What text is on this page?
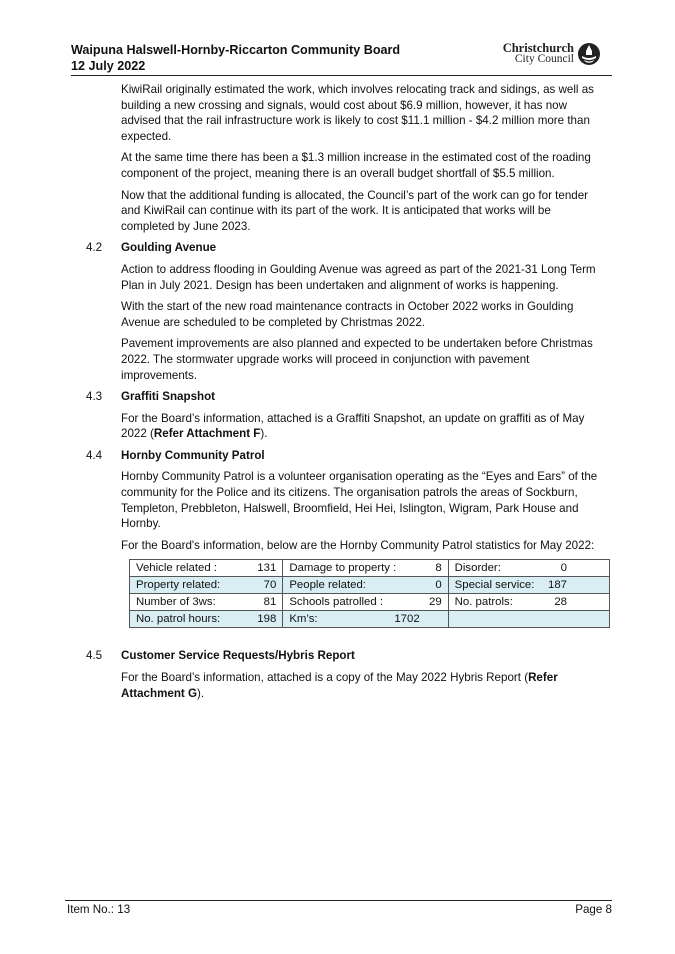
Waipuna Halswell-Hornby-Riccarton Community Board
12 July 2022
Christchurch
City Council

KiwiRail originally estimated the work, which involves relocating track and sidings, as well as building a new crossing and signals, would cost about $6.9 million, however, it has now advised that the rail infrastructure work is likely to cost $11.1 million - $4.2 million more than expected.

At the same time there has been a $1.3 million increase in the estimated cost of the roading component of the project, meaning there is an overall budget shortfall of $5.5 million.

Now that the additional funding is allocated, the Council’s part of the work can go for tender and KiwiRail can continue with its part of the work. It is anticipated that works will be completed by June 2023.

4.2	Goulding Avenue

Action to address flooding in Goulding Avenue was agreed as part of the 2021-31 Long Term Plan in July 2021. Design has been undertaken and alignment of works is happening.

With the start of the new road maintenance contracts in October 2022 works in Goulding Avenue are scheduled to be completed by Christmas 2022.

Pavement improvements are also planned and expected to be undertaken before Christmas 2022. The stormwater upgrade works will proceed in conjunction with pavement improvements.

4.3	Graffiti Snapshot

For the Board’s information, attached is a Graffiti Snapshot, an update on graffiti as of May 2022 (Refer Attachment F).

4.4	Hornby Community Patrol

Hornby Community Patrol is a volunteer organisation operating as the “Eyes and Ears” of the community for the Police and its citizens. The organisation patrols the areas of Sockburn, Templeton, Prebbleton, Halswell, Broomfield, Hei Hei, Islington, Wigram, Park House and Hornby.

For the Board's information, below are the Hornby Community Patrol statistics for May 2022:

Vehicle related : 131	Damage to property : 8	Disorder: 0

Property related: 70	People related: 0	Special service: 187

Number of 3ws: 81	Schools patrolled : 29	No. patrols: 28

No. patrol hours: 198	Km’s: 1702	

4.5	Customer Service Requests/Hybris Report

For the Board’s information, attached is a copy of the May 2022 Hybris Report (Refer Attachment G).

Item No.: 13	Page 8
